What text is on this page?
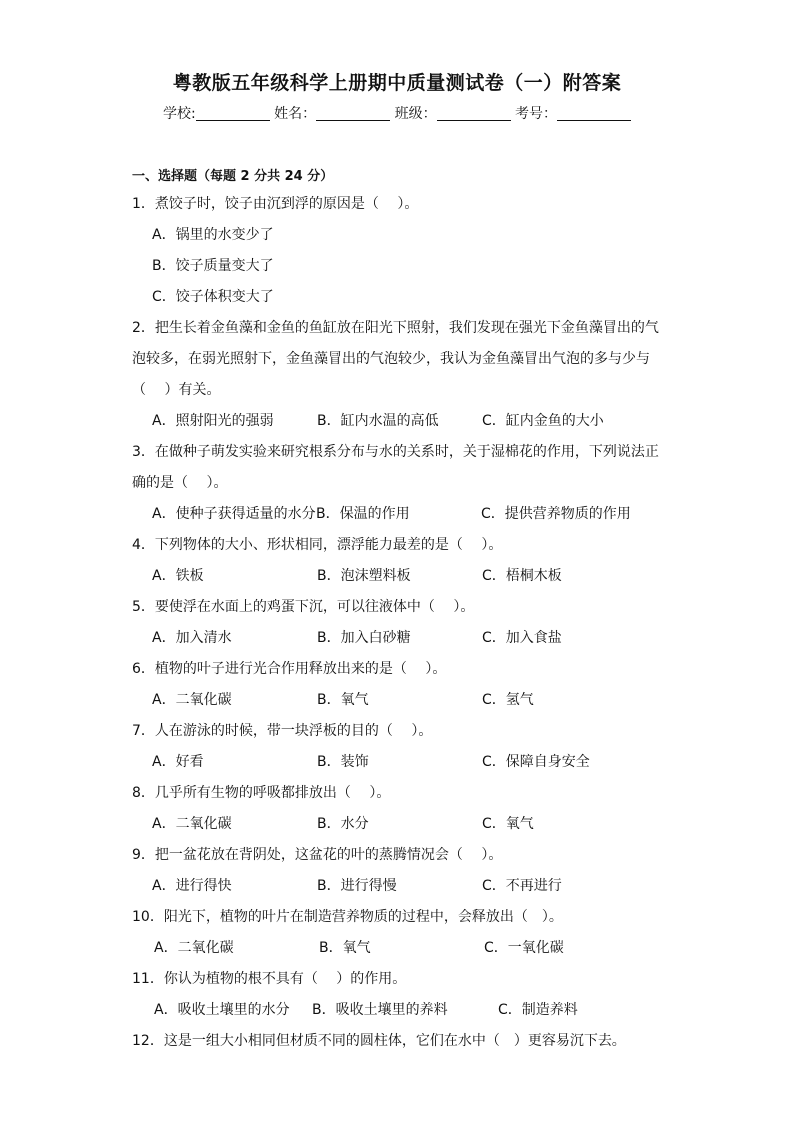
粤教版五年级科学上册期中质量测试卷（一）附答案
学校:	姓名：	班级：	考号：
一、选择题（每题 2 分共 24 分）
1．煮饺子时，饺子由沉到浮的原因是（　 ）。
A．锅里的水变少了
B．饺子质量变大了
C．饺子体积变大了
2．把生长着金鱼藻和金鱼的鱼缸放在阳光下照射，我们发现在强光下金鱼藻冒出的气
泡较多，在弱光照射下，金鱼藻冒出的气泡较少，我认为金鱼藻冒出气泡的多与少与
（　 ）有关。
A．照射阳光的强弱	B．缸内水温的高低	C．缸内金鱼的大小
3．在做种子萌发实验来研究根系分布与水的关系时，关于湿棉花的作用，下列说法正
确的是（　 ）。
A．使种子获得适量的水分 B．保温的作用	C．提供营养物质的作用
4．下列物体的大小、形状相同，漂浮能力最差的是（　 ）。
A．铁板	B．泡沫塑料板	C．梧桐木板
5．要使浮在水面上的鸡蛋下沉，可以往液体中（　 ）。
A．加入清水	B．加入白砂糖	C．加入食盐
6．植物的叶子进行光合作用释放出来的是（　 ）。
A．二氧化碳	B．氧气	C．氢气
7．人在游泳的时候，带一块浮板的目的（　 ）。
A．好看	B．装饰	C．保障自身安全
8．几乎所有生物的呼吸都排放出（　 ）。
A．二氧化碳	B．水分	C．氧气
9．把一盆花放在背阴处，这盆花的叶的蒸腾情况会（　 ）。
A．进行得快	B．进行得慢	C．不再进行
10．阳光下，植物的叶片在制造营养物质的过程中，会释放出（　）。
A．二氧化碳	B．氧气	C．一氧化碳
11．你认为植物的根不具有（　 ）的作用。
A．吸收土壤里的水分	B．吸收土壤里的养料	C．制造养料
12．这是一组大小相同但材质不同的圆柱体，它们在水中（　）更容易沉下去。
